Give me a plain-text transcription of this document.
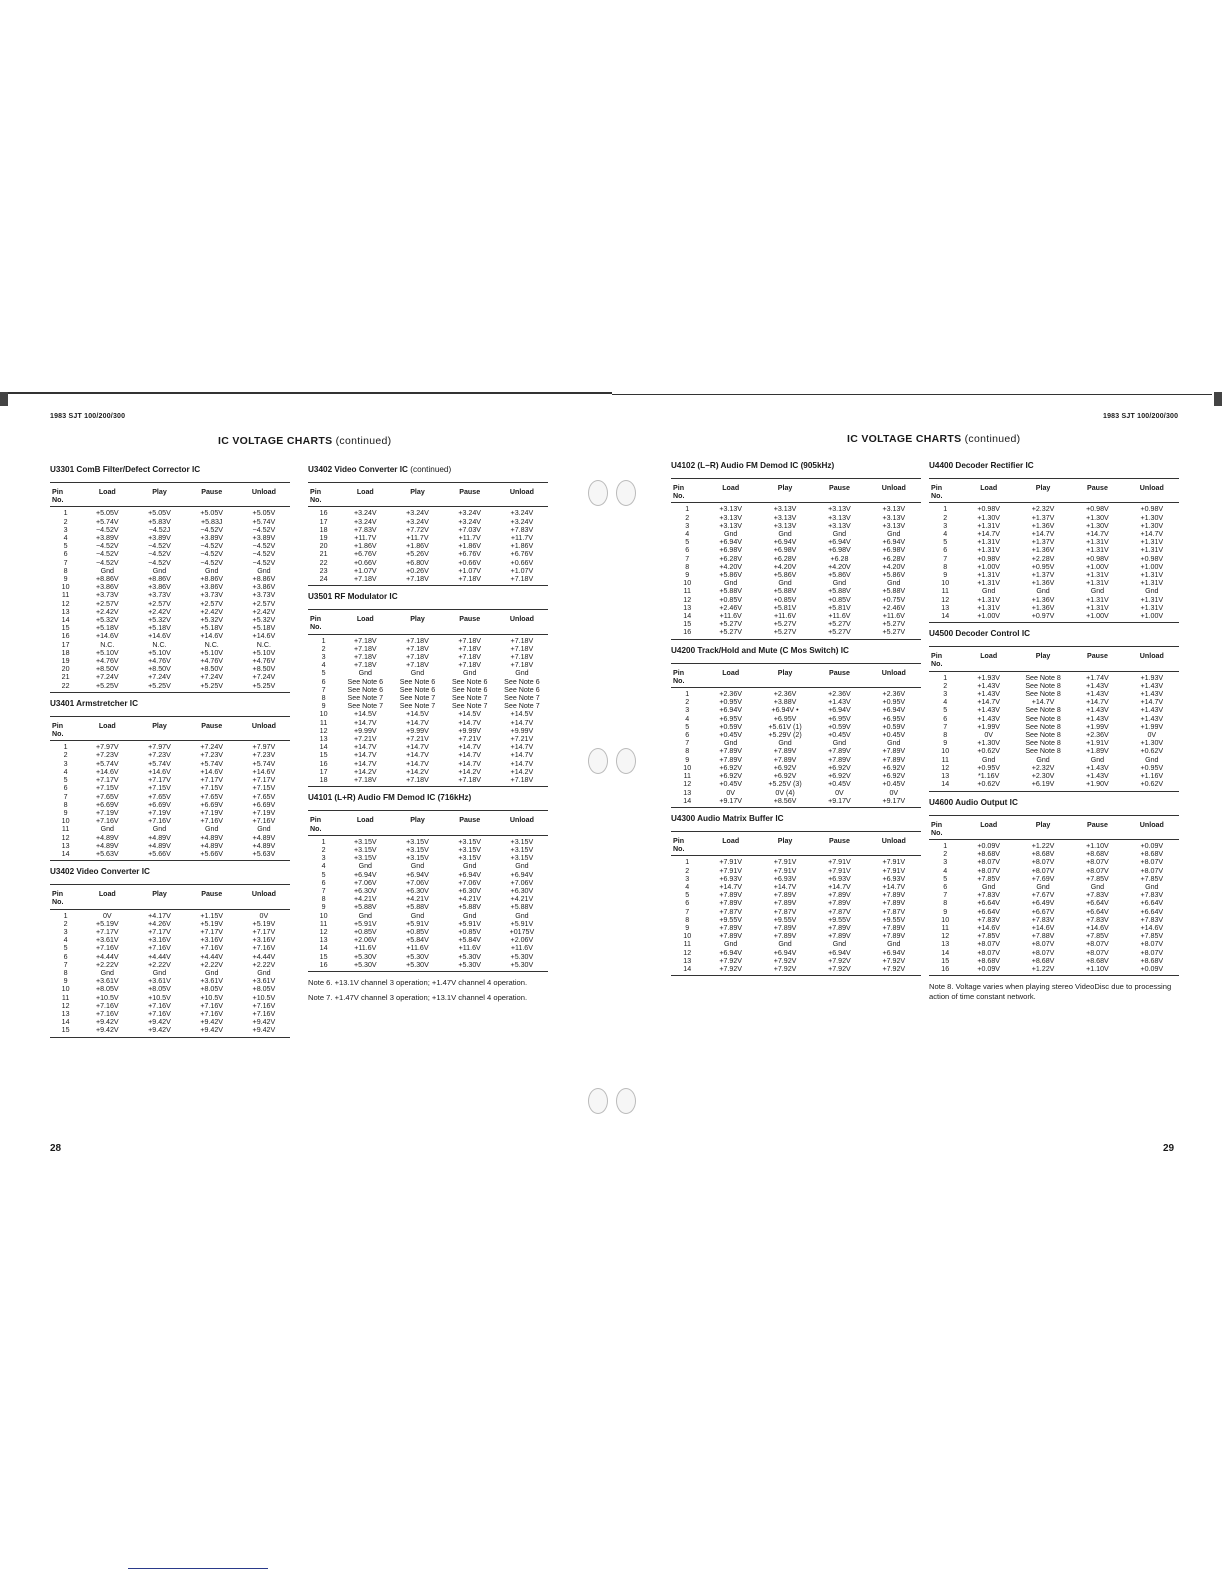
1983 SJT 100/200/300
IC VOLTAGE CHARTS (continued)
U3301 ComB Filter/Defect Corrector IC
Pin
No.	Load	Play	Pause	Unload
1	+5.05V	+5.05V	+5.05V	+5.05V
2	+5.74V	+5.83V	+5.83J	+5.74V
3	−4.52V	−4.52J	−4.52V	−4.52V
4	+3.89V	+3.89V	+3.89V	+3.89V
5	−4.52V	−4.52V	−4.52V	−4.52V
6	−4.52V	−4.52V	−4.52V	−4.52V
7	−4.52V	−4.52V	−4.52V	−4.52V
8	Gnd	Gnd	Gnd	Gnd
9	+8.86V	+8.86V	+8.86V	+8.86V
10	+3.86V	+3.86V	+3.86V	+3.86V
11	+3.73V	+3.73V	+3.73V	+3.73V
12	+2.57V	+2.57V	+2.57V	+2.57V
13	+2.42V	+2.42V	+2.42V	+2.42V
14	+5.32V	+5.32V	+5.32V	+5.32V
15	+5.18V	+5.18V	+5.18V	+5.18V
16	+14.6V	+14.6V	+14.6V	+14.6V
17	N.C.	N.C.	N.C.	N.C.
18	+5.10V	+5.10V	+5.10V	+5.10V
19	+4.76V	+4.76V	+4.76V	+4.76V
20	+8.50V	+8.50V	+8.50V	+8.50V
21	+7.24V	+7.24V	+7.24V	+7.24V
22	+5.25V	+5.25V	+5.25V	+5.25V
U3401 Armstretcher IC
Pin
No.	Load	Play	Pause	Unload
1	+7.97V	+7.97V	+7.24V	+7.97V
2	+7.23V	+7.23V	+7.23V	+7.23V
3	+5.74V	+5.74V	+5.74V	+5.74V
4	+14.6V	+14.6V	+14.6V	+14.6V
5	+7.17V	+7.17V	+7.17V	+7.17V
6	+7.15V	+7.15V	+7.15V	+7.15V
7	+7.65V	+7.65V	+7.65V	+7.65V
8	+6.69V	+6.69V	+6.69V	+6.69V
9	+7.19V	+7.19V	+7.19V	+7.19V
10	+7.16V	+7.16V	+7.16V	+7.16V
11	Gnd	Gnd	Gnd	Gnd
12	+4.89V	+4.89V	+4.89V	+4.89V
13	+4.89V	+4.89V	+4.89V	+4.89V
14	+5.63V	+5.66V	+5.66V	+5.63V
U3402 Video Converter IC
Pin
No.	Load	Play	Pause	Unload
1	0V	+4.17V	+1.15V	0V
2	+5.19V	+4.26V	+5.19V	+5.19V
3	+7.17V	+7.17V	+7.17V	+7.17V
4	+3.61V	+3.16V	+3.16V	+3.16V
5	+7.16V	+7.16V	+7.16V	+7.16V
6	+4.44V	+4.44V	+4.44V	+4.44V
7	+2.22V	+2.22V	+2.22V	+2.22V
8	Gnd	Gnd	Gnd	Gnd
9	+3.61V	+3.61V	+3.61V	+3.61V
10	+8.05V	+8.05V	+8.05V	+8.05V
11	+10.5V	+10.5V	+10.5V	+10.5V
12	+7.16V	+7.16V	+7.16V	+7.16V
13	+7.16V	+7.16V	+7.16V	+7.16V
14	+9.42V	+9.42V	+9.42V	+9.42V
15	+9.42V	+9.42V	+9.42V	+9.42V
U3402 Video Converter IC (continued)
Pin
No.	Load	Play	Pause	Unload
16	+3.24V	+3.24V	+3.24V	+3.24V
17	+3.24V	+3.24V	+3.24V	+3.24V
18	+7.83V	+7.72V	+7.03V	+7.83V
19	+11.7V	+11.7V	+11.7V	+11.7V
20	+1.86V	+1.86V	+1.86V	+1.86V
21	+6.76V	+5.26V	+6.76V	+6.76V
22	+0.66V	+6.80V	+0.66V	+0.66V
23	+1.07V	+0.26V	+1.07V	+1.07V
24	+7.18V	+7.18V	+7.18V	+7.18V
U3501 RF Modulator IC
Pin
No.	Load	Play	Pause	Unload
1	+7.18V	+7.18V	+7.18V	+7.18V
2	+7.18V	+7.18V	+7.18V	+7.18V
3	+7.18V	+7.18V	+7.18V	+7.18V
4	+7.18V	+7.18V	+7.18V	+7.18V
5	Gnd	Gnd	Gnd	Gnd
6	See Note 6	See Note 6	See Note 6	See Note 6
7	See Note 6	See Note 6	See Note 6	See Note 6
8	See Note 7	See Note 7	See Note 7	See Note 7
9	See Note 7	See Note 7	See Note 7	See Note 7
10	+14.5V	+14.5V	+14.5V	+14.5V
11	+14.7V	+14.7V	+14.7V	+14.7V
12	+9.99V	+9.99V	+9.99V	+9.99V
13	+7.21V	+7.21V	+7.21V	+7.21V
14	+14.7V	+14.7V	+14.7V	+14.7V
15	+14.7V	+14.7V	+14.7V	+14.7V
16	+14.7V	+14.7V	+14.7V	+14.7V
17	+14.2V	+14.2V	+14.2V	+14.2V
18	+7.18V	+7.18V	+7.18V	+7.18V
U4101 (L+R) Audio FM Demod IC (716kHz)
Pin
No.	Load	Play	Pause	Unload
1	+3.15V	+3.15V	+3.15V	+3.15V
2	+3.15V	+3.15V	+3.15V	+3.15V
3	+3.15V	+3.15V	+3.15V	+3.15V
4	Gnd	Gnd	Gnd	Gnd
5	+6.94V	+6.94V	+6.94V	+6.94V
6	+7.06V	+7.06V	+7.06V	+7.06V
7	+6.30V	+6.30V	+6.30V	+6.30V
8	+4.21V	+4.21V	+4.21V	+4.21V
9	+5.88V	+5.88V	+5.88V	+5.88V
10	Gnd	Gnd	Gnd	Gnd
11	+5.91V	+5.91V	+5.91V	+5.91V
12	+0.85V	+0.85V	+0.85V	+0175V
13	+2.06V	+5.84V	+5.84V	+2.06V
14	+11.6V	+11.6V	+11.6V	+11.6V
15	+5.30V	+5.30V	+5.30V	+5.30V
16	+5.30V	+5.30V	+5.30V	+5.30V
Note 6. +13.1V channel 3 operation; +1.47V channel 4 operation.
Note 7. +1.47V channel 3 operation; +13.1V channel 4 operation.
28
1983 SJT 100/200/300
IC VOLTAGE CHARTS (continued)
U4102 (L−R) Audio FM Demod IC (905kHz)
Pin
No.	Load	Play	Pause	Unload
1	+3.13V	+3.13V	+3.13V	+3.13V
2	+3.13V	+3.13V	+3.13V	+3.13V
3	+3.13V	+3.13V	+3.13V	+3.13V
4	Gnd	Gnd	Gnd	Gnd
5	+6.94V	+6.94V	+6.94V	+6.94V
6	+6.98V	+6.98V	+6.98V	+6.98V
7	+6.28V	+6.28V	+6.28	+6.28V
8	+4.20V	+4.20V	+4.20V	+4.20V
9	+5.86V	+5.86V	+5.86V	+5.86V
10	Gnd	Gnd	Gnd	Gnd
11	+5.88V	+5.88V	+5.88V	+5.88V
12	+0.85V	+0.85V	+0.85V	+0.75V
13	+2.46V	+5.81V	+5.81V	+2.46V
14	+11.6V	+11.6V	+11.6V	+11.6V
15	+5.27V	+5.27V	+5.27V	+5.27V
16	+5.27V	+5.27V	+5.27V	+5.27V
U4200 Track/Hold and Mute (C Mos Switch) IC
Pin
No.	Load	Play	Pause	Unload
1	+2.36V	+2.36V	+2.36V	+2.36V
2	+0.95V	+3.88V	+1.43V	+0.95V
3	+6.94V	+6.94V •	+6.94V	+6.94V
4	+6.95V	+6.95V	+6.95V	+6.95V
5	+0.59V	+5.61V (1)	+0.59V	+0.59V
6	+0.45V	+5.29V (2)	+0.45V	+0.45V
7	Gnd	Gnd	Gnd	Gnd
8	+7.89V	+7.89V	+7.89V	+7.89V
9	+7.89V	+7.89V	+7.89V	+7.89V
10	+6.92V	+6.92V	+6.92V	+6.92V
11	+6.92V	+6.92V	+6.92V	+6.92V
12	+0.45V	+5.25V (3)	+0.45V	+0.45V
13	0V	0V (4)	0V	0V
14	+9.17V	+8.56V	+9.17V	+9.17V
U4300 Audio Matrix Buffer IC
Pin
No.	Load	Play	Pause	Unload
1	+7.91V	+7.91V	+7.91V	+7.91V
2	+7.91V	+7.91V	+7.91V	+7.91V
3	+6.93V	+6.93V	+6.93V	+6.93V
4	+14.7V	+14.7V	+14.7V	+14.7V
5	+7.89V	+7.89V	+7.89V	+7.89V
6	+7.89V	+7.89V	+7.89V	+7.89V
7	+7.87V	+7.87V	+7.87V	+7.87V
8	+9.55V	+9.55V	+9.55V	+9.55V
9	+7.89V	+7.89V	+7.89V	+7.89V
10	+7.89V	+7.89V	+7.89V	+7.89V
11	Gnd	Gnd	Gnd	Gnd
12	+6.94V	+6.94V	+6.94V	+6.94V
13	+7.92V	+7.92V	+7.92V	+7.92V
14	+7.92V	+7.92V	+7.92V	+7.92V
U4400 Decoder Rectifier IC
Pin
No.	Load	Play	Pause	Unload
1	+0.98V	+2.32V	+0.98V	+0.98V
2	+1.30V	+1.37V	+1.30V	+1.30V
3	+1.31V	+1.36V	+1.30V	+1.30V
4	+14.7V	+14.7V	+14.7V	+14.7V
5	+1.31V	+1.37V	+1.31V	+1.31V
6	+1.31V	+1.36V	+1.31V	+1.31V
7	+0.98V	+2.28V	+0.98V	+0.98V
8	+1.00V	+0.95V	+1.00V	+1.00V
9	+1.31V	+1.37V	+1.31V	+1.31V
10	+1.31V	+1.36V	+1.31V	+1.31V
11	Gnd	Gnd	Gnd	Gnd
12	+1.31V	+1.36V	+1.31V	+1.31V
13	+1.31V	+1.36V	+1.31V	+1.31V
14	+1.00V	+0.97V	+1.00V	+1.00V
U4500 Decoder Control IC
Pin
No.	Load	Play	Pause	Unload
1	+1.93V	See Note 8	+1.74V	+1.93V
2	+1.43V	See Note 8	+1.43V	+1.43V
3	+1.43V	See Note 8	+1.43V	+1.43V
4	+14.7V	+14.7V	+14.7V	+14.7V
5	+1.43V	See Note 8	+1.43V	+1.43V
6	+1.43V	See Note 8	+1.43V	+1.43V
7	+1.99V	See Note 8	+1.99V	+1.99V
8	0V	See Note 8	+2.36V	0V
9	+1.30V	See Note 8	+1.91V	+1.30V
10	+0.62V	See Note 8	+1.89V	+0.62V
11	Gnd	Gnd	Gnd	Gnd
12	+0.95V	+2.32V	+1.43V	+0.95V
13	*1.16V	+2.30V	+1.43V	+1.16V
14	+0.62V	+6.19V	+1.90V	+0.62V
U4600 Audio Output IC
Pin
No.	Load	Play	Pause	Unload
1	+0.09V	+1.22V	+1.10V	+0.09V
2	+8.68V	+8.68V	+8.68V	+8.68V
3	+8.07V	+8.07V	+8.07V	+8.07V
4	+8.07V	+8.07V	+8.07V	+8.07V
5	+7.85V	+7.69V	+7.85V	+7.85V
6	Gnd	Gnd	Gnd	Gnd
7	+7.83V	+7.67V	+7.83V	+7.83V
8	+6.64V	+6.49V	+6.64V	+6.64V
9	+6.64V	+6.67V	+6.64V	+6.64V
10	+7.83V	+7.83V	+7.83V	+7.83V
11	+14.6V	+14.6V	+14.6V	+14.6V
12	+7.85V	+7.88V	+7.85V	+7.85V
13	+8.07V	+8.07V	+8.07V	+8.07V
14	+8.07V	+8.07V	+8.07V	+8.07V
15	+8.68V	+8.68V	+8.68V	+8.68V
16	+0.09V	+1.22V	+1.10V	+0.09V
Note 8. Voltage varies when playing stereo VideoDisc due to processing action of time constant network.
29
